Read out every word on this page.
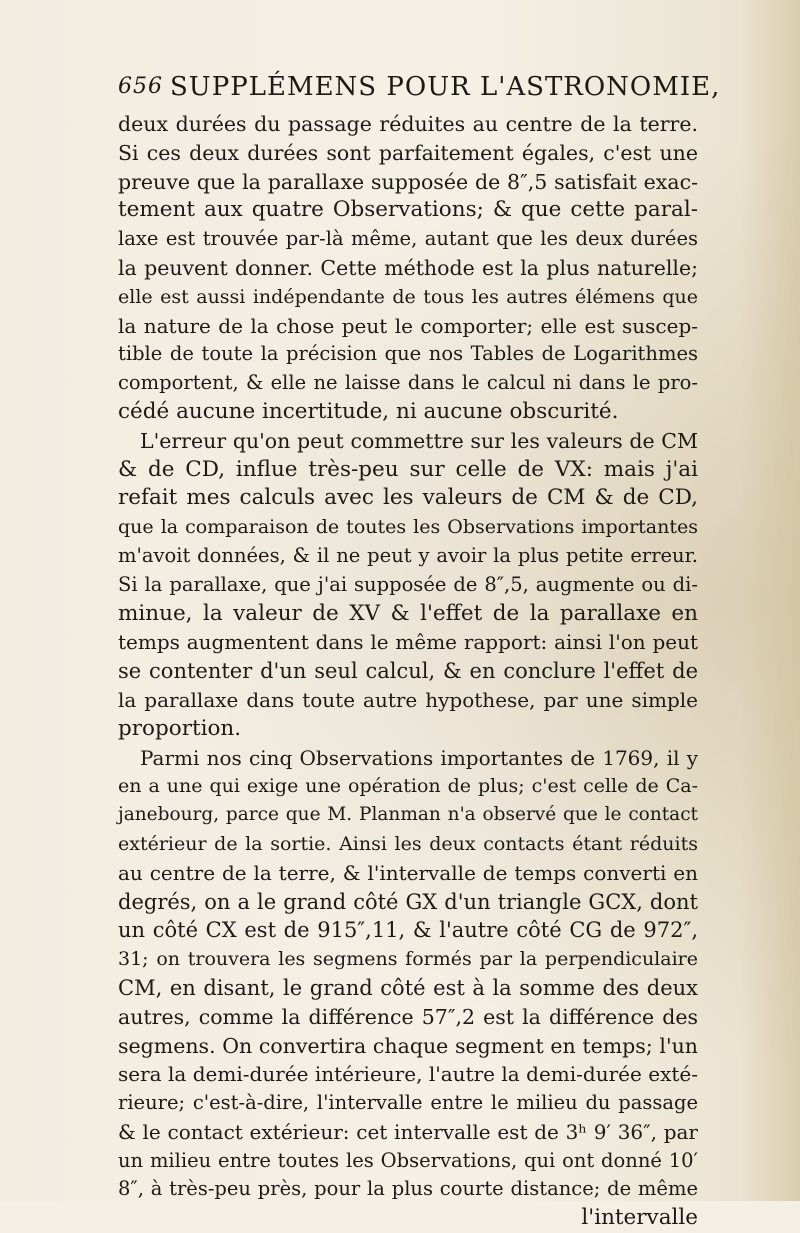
656 SUPPLÉMENS POUR L'ASTRONOMIE,
deux durées du passage réduites au centre de la terre.
Si ces deux durées sont parfaitement égales, c'est une
preuve que la parallaxe supposée de 8″,5 satisfait exac-
tement aux quatre Observations; & que cette paral-
laxe est trouvée par-là même, autant que les deux durées
la peuvent donner. Cette méthode est la plus naturelle;
elle est aussi indépendante de tous les autres élémens que
la nature de la chose peut le comporter; elle est suscep-
tible de toute la précision que nos Tables de Logarithmes
comportent, & elle ne laisse dans le calcul ni dans le pro-
cédé aucune incertitude, ni aucune obscurité.
L'erreur qu'on peut commettre sur les valeurs de CM
& de CD, influe très-peu sur celle de VX: mais j'ai
refait mes calculs avec les valeurs de CM & de CD,
que la comparaison de toutes les Observations importantes
m'avoit données, & il ne peut y avoir la plus petite erreur.
Si la parallaxe, que j'ai supposée de 8″,5, augmente ou di-
minue, la valeur de XV & l'effet de la parallaxe en
temps augmentent dans le même rapport: ainsi l'on peut
se contenter d'un seul calcul, & en conclure l'effet de
la parallaxe dans toute autre hypothese, par une simple
proportion.
Parmi nos cinq Observations importantes de 1769, il y
en a une qui exige une opération de plus; c'est celle de Ca-
janebourg, parce que M. Planman n'a observé que le contact
extérieur de la sortie. Ainsi les deux contacts étant réduits
au centre de la terre, & l'intervalle de temps converti en
degrés, on a le grand côté GX d'un triangle GCX, dont
un côté CX est de 915″,11, & l'autre côté CG de 972″,
31; on trouvera les segmens formés par la perpendiculaire
CM, en disant, le grand côté est à la somme des deux
autres, comme la différence 57″,2 est la différence des
segmens. On convertira chaque segment en temps; l'un
sera la demi-durée intérieure, l'autre la demi-durée exté-
rieure; c'est-à-dire, l'intervalle entre le milieu du passage
& le contact extérieur: cet intervalle est de 3ʰ 9′ 36″, par
un milieu entre toutes les Observations, qui ont donné 10′
8″, à très-peu près, pour la plus courte distance; de même
l'intervalle
